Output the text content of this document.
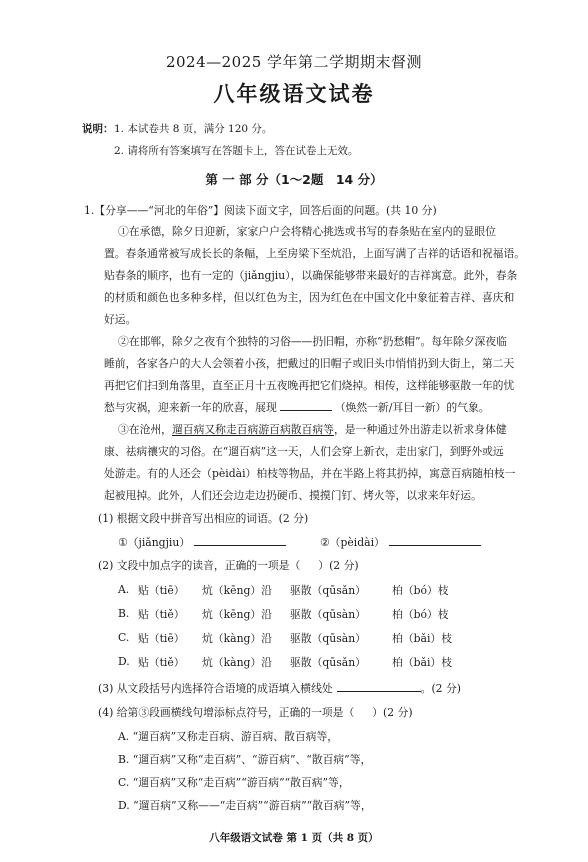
2024—2025 学年第二学期期末督测
八年级语文试卷
说明： 1. 本试卷共 8 页，满分 120 分。
2. 请将所有答案填写在答题卡上，答在试卷上无效。
第 一 部 分（1～2题　14 分）
1.【分享——“河北的年俗”】阅读下面文字，回答后面的问题。(共 10 分)
①在承德，除夕日迎新，家家户户会将精心挑选或书写的春条贴在室内的显眼位
置。春条通常被写成长长的条幅，上至房梁下至炕沿，上面写满了吉祥的话语和祝福语。
贴春条的顺序，也有一定的（jiǎngjiu），以确保能够带来最好的吉祥寓意。此外，春条
的材质和颜色也多种多样，但以红色为主，因为红色在中国文化中象征着吉祥、喜庆和
好运。
②在邯郸，除夕之夜有个独特的习俗——扔旧帽，亦称“扔愁帽”。每年除夕深夜临
睡前，各家各户的大人会领着小孩，把戴过的旧帽子或旧头巾悄悄扔到大街上，第二天
再把它们扫到角落里，直至正月十五夜晚再把它们烧掉。相传，这样能够驱散一年的忧
愁与灾祸，迎来新一年的欣喜，展现	（焕然一新/耳目一新）的气象。
③在沧州，遛百病又称走百病游百病散百病等，是一种通过外出游走以祈求身体健
康、祛病禳灾的习俗。在“遛百病”这一天，人们会穿上新衣，走出家门，到野外或远
处游走。有的人还会（pèidài）柏枝等物品，并在半路上将其扔掉，寓意百病随柏枝一
起被甩掉。此外，人们还会边走边扔硬币、摸摸门钉、烤火等，以求来年好运。
(1) 根据文段中拼音写出相应的词语。(2 分)
①（jiǎngjiu）	②（pèidài）
(2) 文段中加点字的读音，正确的一项是（ ）(2 分)
A. 贴（tiē） 炕（kēng）沿 驱散（qūsǎn） 柏（bó）枝
B. 贴（tiě） 炕（kēng）沿 驱散（qūsàn） 柏（bó）枝
C. 贴（tiē） 炕（kàng）沿 驱散（qūsàn） 柏（bǎi）枝
D. 贴（tiě） 炕（kàng）沿 驱散（qūsǎn） 柏（bǎi）枝
(3) 从文段括号内选择符合语境的成语填入横线处	。(2 分)
(4) 给第③段画横线句增添标点符号，正确的一项是（ ）(2 分)
A. “遛百病”又称走百病、游百病、散百病等，
B. “遛百病”又称“走百病”、“游百病”、“散百病”等，
C. “遛百病”又称“走百病”“游百病”“散百病”等，
D. “遛百病”又称——“走百病”“游百病”“散百病”等，
八年级语文试卷 第 1 页（共 8 页）
